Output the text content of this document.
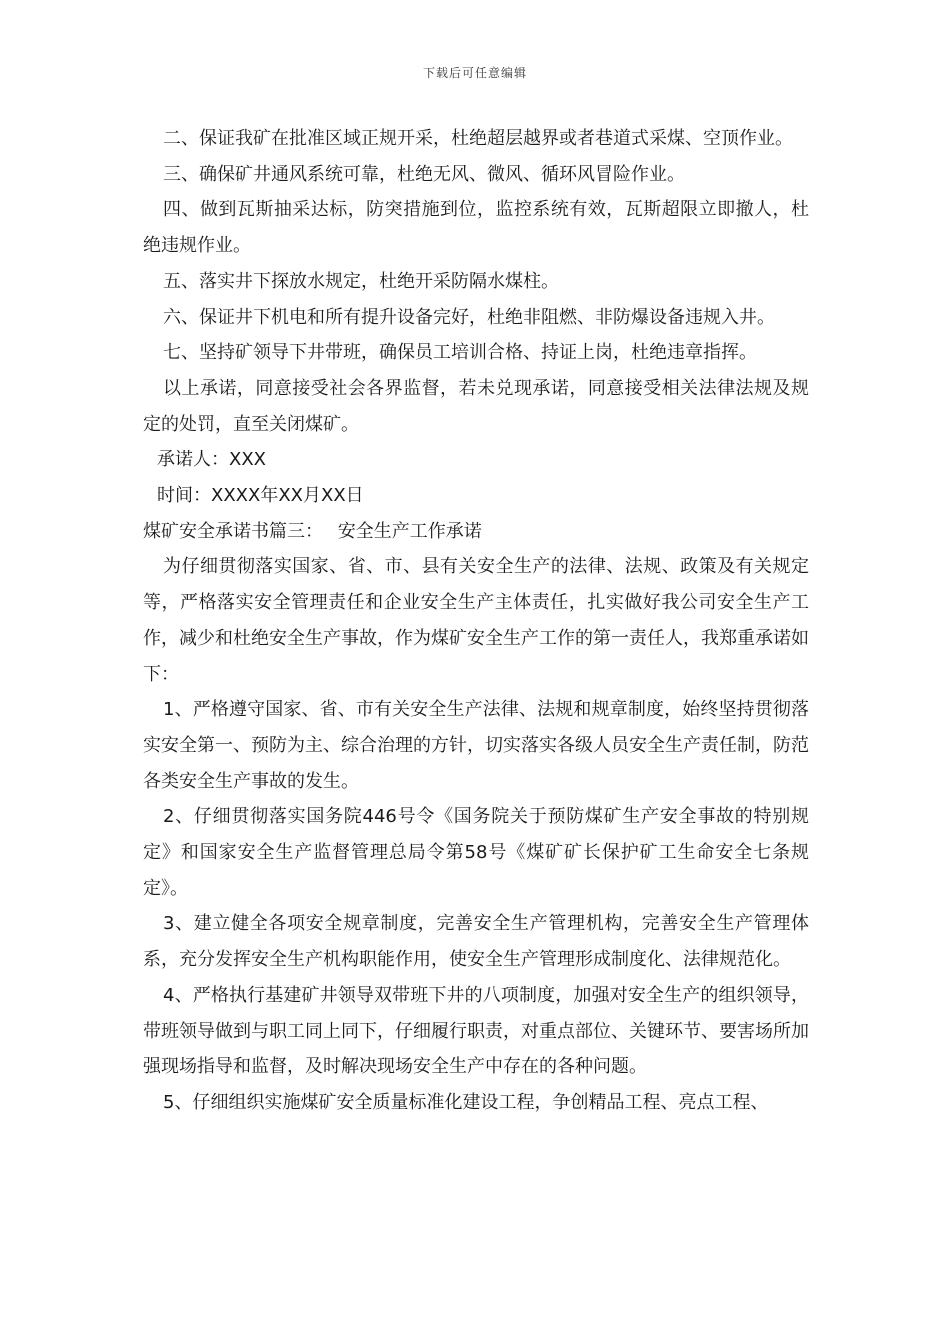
下载后可任意编辑

二、保证我矿在批准区域正规开采，杜绝超层越界或者巷道式采煤、空顶作业。

三、确保矿井通风系统可靠，杜绝无风、微风、循环风冒险作业。

四、做到瓦斯抽采达标，防突措施到位，监控系统有效，瓦斯超限立即撤人，杜绝违规作业。

五、落实井下探放水规定，杜绝开采防隔水煤柱。

六、保证井下机电和所有提升设备完好，杜绝非阻燃、非防爆设备违规入井。

七、坚持矿领导下井带班，确保员工培训合格、持证上岗，杜绝违章指挥。

以上承诺，同意接受社会各界监督，若未兑现承诺，同意接受相关法律法规及规定的处罚，直至关闭煤矿。

承诺人：XXX

时间：XXXX年XX月XX日

煤矿安全承诺书篇三：　 安全生产工作承诺

为仔细贯彻落实国家、省、市、县有关安全生产的法律、法规、政策及有关规定等，严格落实安全管理责任和企业安全生产主体责任，扎实做好我公司安全生产工作，减少和杜绝安全生产事故，作为煤矿安全生产工作的第一责任人，我郑重承诺如下：

1、严格遵守国家、省、市有关安全生产法律、法规和规章制度，始终坚持贯彻落实安全第一、预防为主、综合治理的方针，切实落实各级人员安全生产责任制，防范各类安全生产事故的发生。

2、仔细贯彻落实国务院446号令《国务院关于预防煤矿生产安全事故的特别规定》和国家安全生产监督管理总局令第58号《煤矿矿长保护矿工生命安全七条规定》。

3、建立健全各项安全规章制度，完善安全生产管理机构，完善安全生产管理体系，充分发挥安全生产机构职能作用，使安全生产管理形成制度化、法律规范化。

4、严格执行基建矿井领导双带班下井的八项制度，加强对安全生产的组织领导，带班领导做到与职工同上同下，仔细履行职责，对重点部位、关键环节、要害场所加强现场指导和监督，及时解决现场安全生产中存在的各种问题。

5、仔细组织实施煤矿安全质量标准化建设工程，争创精品工程、亮点工程、
